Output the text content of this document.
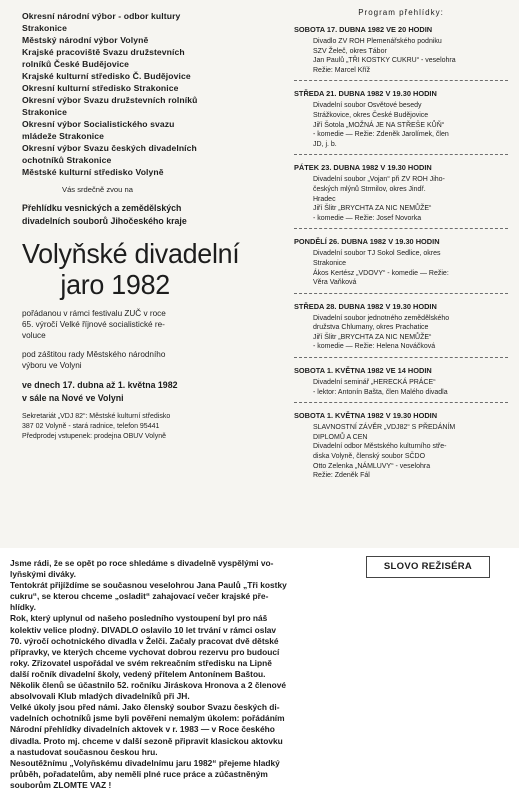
Okresní národní výbor - odbor kultury

Strakonice

Městský národní výbor Volyně

Krajské pracoviště Svazu družstevních

rolníků České Budějovice

Krajské kulturní středisko Č. Budějovice

Okresní kulturní středisko Strakonice

Okresní výbor Svazu družstevních rolníků

Strakonice

Okresní výbor Socialistického svazu

mládeže Strakonice

Okresní výbor Svazu českých divadelních

ochotníků Strakonice

Městské kulturní středisko Volyně

Vás srdečně zvou na

Přehlídku vesnických a zemědělských

divadelních souborů Jihočeského kraje

Volyňské divadelní
jaro 1982

pořádanou v rámci festivalu ZUČ v roce

65. výročí Velké říjnové socialistické re-

voluce

pod záštitou rady Městského národního

výboru ve Volyni

ve dnech 17. dubna až 1. května 1982
v sále na Nové ve Volyni
Sekretariát „VDJ 82“: Městské kulturní středisko
387 02 Volyně - stará radnice, telefon 95441
Předprodej vstupenek: prodejna OBUV Volyně

Program přehlídky:

SOBOTA 17. DUBNA 1982 VE 20 HODIN

Divadlo ZV ROH Plemenářského podniku

SZV Želeč, okres Tábor

Jan Paulů „TŘI KOSTKY CUKRU“ - veselohra

Režie: Marcel Kříž

STŘEDA 21. DUBNA 1982 V 19.30 HODIN

Divadelní soubor Osvětové besedy

Strážkovice, okres České Budějovice

Jiří Šotola „MOŽNÁ JE NA STŘEŠE KŮŇ“

- komedie — Režie: Zdeněk Jarolímek, člen

JD, j. b.

PÁTEK 23. DUBNA 1982 V 19.30 HODIN

Divadelní soubor „Vojan“ při ZV ROH Jiho-

českých mlýnů Strmilov, okres Jindř.

Hradec

Jiří Šlitr „BRYCHTA ZA NIC NEMŮŽE“

- komedie — Režie: Josef Novorka

PONDĚLÍ 26. DUBNA 1982 V 19.30 HODIN

Divadelní soubor TJ Sokol Sedlice, okres

Strakonice

Ákos Kertész „VDOVY“ - komedie — Režie:

Věra Vaňková

STŘEDA 28. DUBNA 1982 V 19.30 HODIN

Divadelní soubor jednotného zemědělského

družstva Chlumany, okres Prachatice

Jiří Šlitr „BRYCHTA ZA NIC NEMŮŽE“

- komedie — Režie: Helena Nováčková

SOBOTA 1. KVĚTNA 1982 VE 14 HODIN

Divadelní seminář „HERECKÁ PRÁCE“

- lektor: Antonín Bašta, člen Malého divadla

SOBOTA 1. KVĚTNA 1982 V 19.30 HODIN

SLAVNOSTNÍ ZÁVĚR „VDJ82“ S PŘEDÁNÍM

DIPLOMŮ A CEN

Divadelní odbor Městského kulturního stře-

diska Volyně, členský soubor SČDO

Otto Zelenka „NÁMLUVY“ - veselohra

Režie: Zdeněk Fál

Jsme rádi, že se opět po roce shledáme s divadelně vyspělými vo-

lyňskými diváky.

Tentokrát přijíždíme se současnou veselohrou Jana Paulů „Tři kostky

cukru“, se kterou chceme „osladit“ zahajovací večer krajské pře-

hlídky.

Rok, který uplynul od našeho posledního vystoupení byl pro náš

kolektiv velice plodný. DIVADLO oslavilo 10 let trvání v rámci oslav

70. výročí ochotnického divadla v Želči. Začaly pracovat dvě dětské

přípravky, ve kterých chceme vychovat dobrou rezervu pro budoucí

roky. Zřizovatel uspořádal ve svém rekreačním středisku na Lipně

další ročník divadelní školy, vedený přítelem Antonínem Baštou.

Několik členů se účastnilo 52. ročníku Jiráskova Hronova a 2 členové

absolvovali Klub mladých divadelníků při JH.

Velké úkoly jsou před námi. Jako členský soubor Svazu českých di-

vadelních ochotníků jsme byli pověřeni nemalým úkolem: pořádáním

Národní přehlídky divadelních aktovek v r. 1983 — v Roce českého

divadla. Proto mj. chceme v další sezoně připravit klasickou aktovku

a nastudovat současnou českou hru.

Nesoutěžnímu „Volyňskému divadelnímu jaru 1982“ přejeme hladký

průběh, pořadatelům, aby neměli plné ruce práce a zúčastněným

souborům ZLOMTE VAZ !

SLOVO REŽISÉRA
